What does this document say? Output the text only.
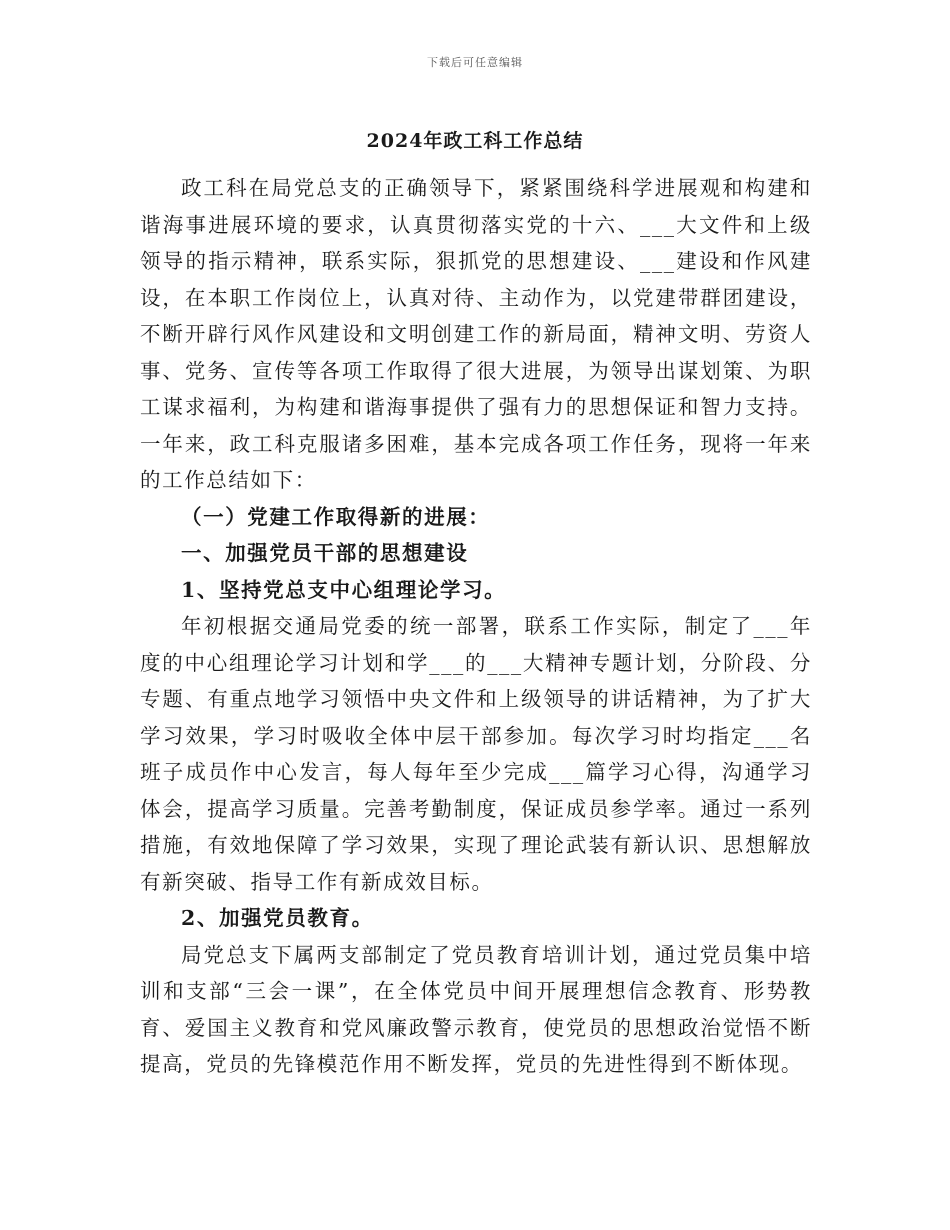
下载后可任意编辑
2024年政工科工作总结

政工科在局党总支的正确领导下，紧紧围绕科学进展观和构建和谐海事进展环境的要求，认真贯彻落实党的十六、___大文件和上级领导的指示精神，联系实际，狠抓党的思想建设、___建设和作风建设，在本职工作岗位上，认真对待、主动作为，以党建带群团建设，不断开辟行风作风建设和文明创建工作的新局面，精神文明、劳资人事、党务、宣传等各项工作取得了很大进展，为领导出谋划策、为职工谋求福利，为构建和谐海事提供了强有力的思想保证和智力支持。一年来，政工科克服诸多困难，基本完成各项工作任务，现将一年来的工作总结如下：

（一）党建工作取得新的进展：

一、加强党员干部的思想建设

1、坚持党总支中心组理论学习。

年初根据交通局党委的统一部署，联系工作实际，制定了___年度的中心组理论学习计划和学___的___大精神专题计划，分阶段、分专题、有重点地学习领悟中央文件和上级领导的讲话精神，为了扩大学习效果，学习时吸收全体中层干部参加。每次学习时均指定___名班子成员作中心发言，每人每年至少完成___篇学习心得，沟通学习体会，提高学习质量。完善考勤制度，保证成员参学率。通过一系列措施，有效地保障了学习效果，实现了理论武装有新认识、思想解放有新突破、指导工作有新成效目标。

2、加强党员教育。

局党总支下属两支部制定了党员教育培训计划，通过党员集中培训和支部“三会一课”，在全体党员中间开展理想信念教育、形势教育、爱国主义教育和党风廉政警示教育，使党员的思想政治觉悟不断提高，党员的先锋模范作用不断发挥，党员的先进性得到不断体现。
